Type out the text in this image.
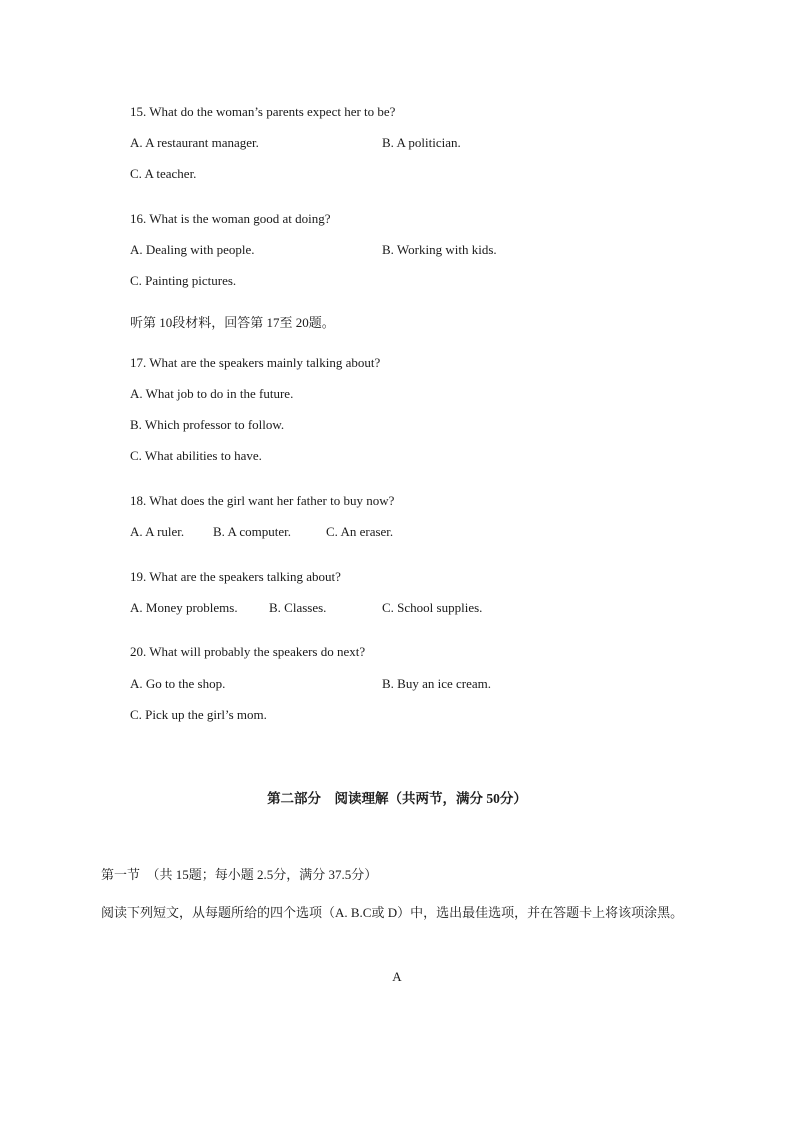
15. What do the woman’s parents expect her to be?
A. A restaurant manager.	B. A politician.
C. A teacher.
16. What is the woman good at doing?
A. Dealing with people.	B. Working with kids.
C. Painting pictures.
听第 10段材料，回答第 17至 20题。
17. What are the speakers mainly talking about?
A. What job to do in the future.
B. Which professor to follow.
C. What abilities to have.
18. What does the girl want her father to buy now?
A. A ruler. B. A computer.	C. An eraser.
19. What are the speakers talking about?
A. Money problems. B. Classes.	C. School supplies.
20. What will probably the speakers do next?
A. Go to the shop.	B. Buy an ice cream.
C. Pick up the girl’s mom.
第二部分　阅读理解（共两节，满分 50分）
第一节　（共 15题；每小题 2.5分，满分 37.5分）
阅读下列短文，从每题所给的四个选项（A. B.C或 D）中，选出最佳选项，并在答题卡上将该项涂黑。
A
